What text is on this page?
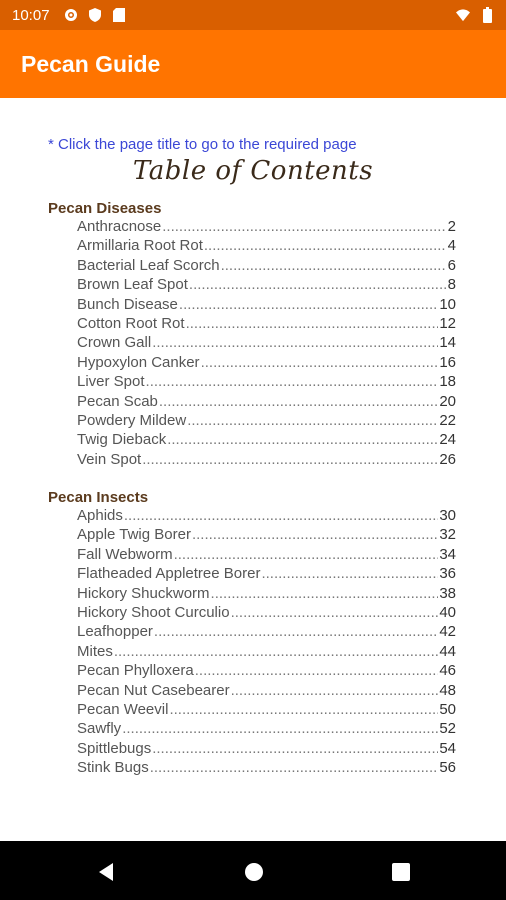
10:07
Pecan Guide
* Click the page title to go to the required page
Table of Contents
Pecan Diseases
Anthracnose .....	2
Armillaria Root Rot .....	4
Bacterial Leaf Scorch .....	6
Brown Leaf Spot .....	8
Bunch Disease .....	10
Cotton Root Rot .....	12
Crown Gall .....	14
Hypoxylon Canker .....	16
Liver Spot .....	18
Pecan Scab .....	20
Powdery Mildew .....	22
Twig Dieback .....	24
Vein Spot .....	26
Pecan Insects
Aphids .....	30
Apple Twig Borer .....	32
Fall Webworm .....	34
Flatheaded Appletree Borer .....	36
Hickory Shuckworm .....	38
Hickory Shoot Curculio .....	40
Leafhopper .....	42
Mites .....	44
Pecan Phylloxera .....	46
Pecan Nut Casebearer .....	48
Pecan Weevil .....	50
Sawfly .....	52
Spittlebugs .....	54
Stink Bugs .....	56
